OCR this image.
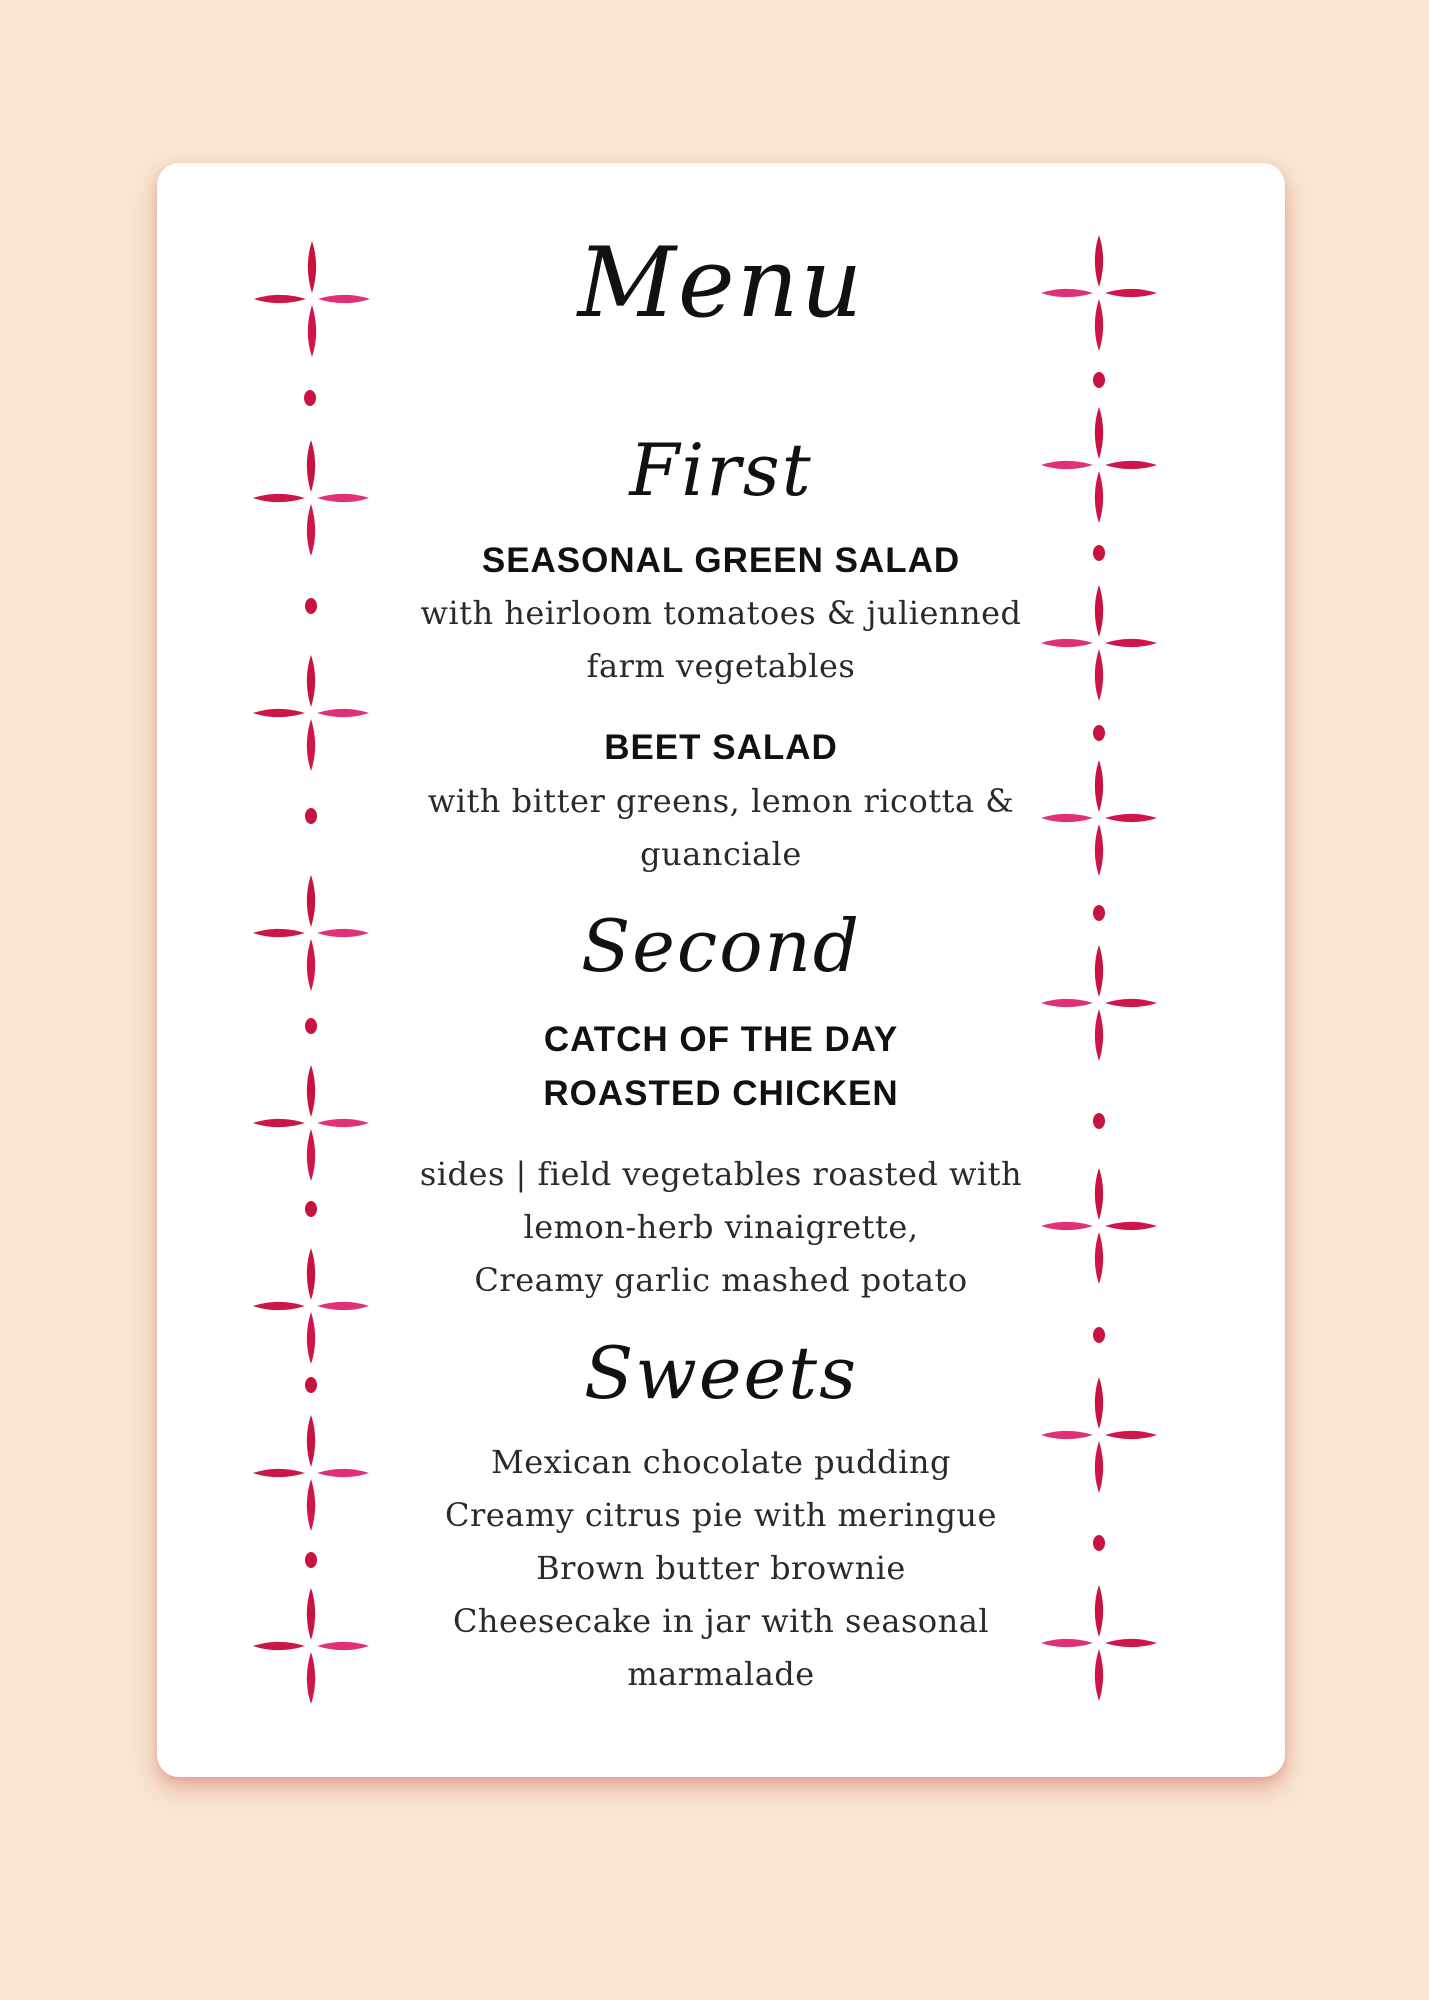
Menu
First
SEASONAL GREEN SALAD
with heirloom tomatoes & julienned
farm vegetables
BEET SALAD
with bitter greens, lemon ricotta &
guanciale
Second
CATCH OF THE DAY
ROASTED CHICKEN
sides | field vegetables roasted with
lemon-herb vinaigrette,
Creamy garlic mashed potato
Sweets
Mexican chocolate pudding
Creamy citrus pie with meringue
Brown butter brownie
Cheesecake in jar with seasonal
marmalade
